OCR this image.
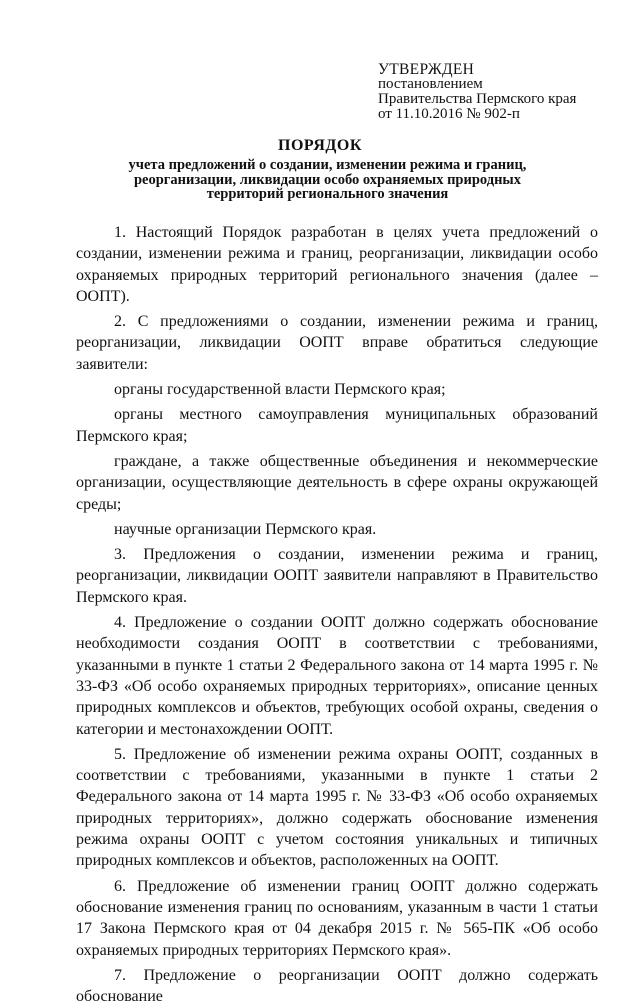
УТВЕРЖДЕН
постановлением
Правительства Пермского края
от 11.10.2016 № 902-п
ПОРЯДОК
учета предложений о создании, изменении режима и границ, реорганизации, ликвидации особо охраняемых природных территорий регионального значения

1. Настоящий Порядок разработан в целях учета предложений о создании, изменении режима и границ, реорганизации, ликвидации особо охраняемых природных территорий регионального значения (далее – ООПТ).

2. С предложениями о создании, изменении режима и границ, реорганизации, ликвидации ООПТ вправе обратиться следующие заявители:

органы государственной власти Пермского края;

органы местного самоуправления муниципальных образований Пермского края;

граждане, а также общественные объединения и некоммерческие организации, осуществляющие деятельность в сфере охраны окружающей среды;

научные организации Пермского края.

3. Предложения о создании, изменении режима и границ, реорганизации, ликвидации ООПТ заявители направляют в Правительство Пермского края.

4. Предложение о создании ООПТ должно содержать обоснование необходимости создания ООПТ в соответствии с требованиями, указанными в пункте 1 статьи 2 Федерального закона от 14 марта 1995 г. № 33-ФЗ «Об особо охраняемых природных территориях», описание ценных природных комплексов и объектов, требующих особой охраны, сведения о категории и местонахождении ООПТ.

5. Предложение об изменении режима охраны ООПТ, созданных в соответствии с требованиями, указанными в пункте 1 статьи 2 Федерального закона от 14 марта 1995 г. № 33-ФЗ «Об особо охраняемых природных территориях», должно содержать обоснование изменения режима охраны ООПТ с учетом состояния уникальных и типичных природных комплексов и объектов, расположенных на ООПТ.

6. Предложение об изменении границ ООПТ должно содержать обоснование изменения границ по основаниям, указанным в части 1 статьи 17 Закона Пермского края от 04 декабря 2015 г. № 565-ПК «Об особо охраняемых природных территориях Пермского края».

7. Предложение о реорганизации ООПТ должно содержать обоснование
